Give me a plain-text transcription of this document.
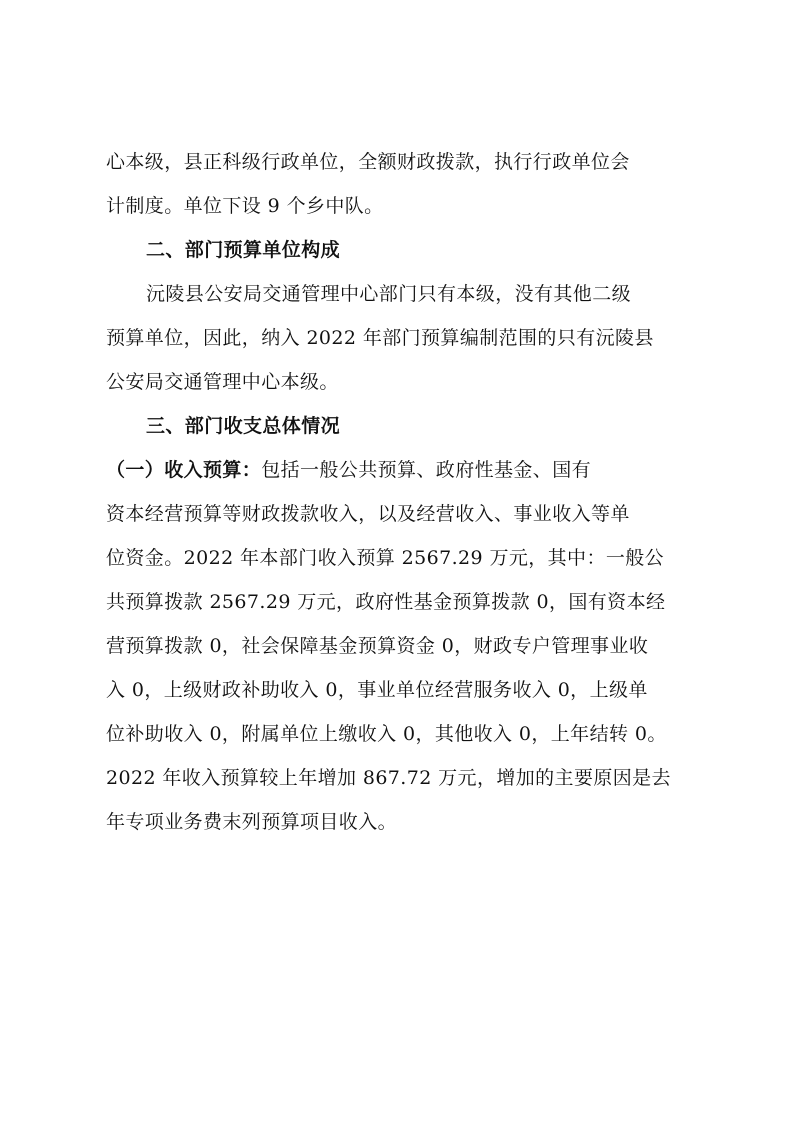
心本级，县正科级行政单位，全额财政拨款，执行行政单位会
计制度。单位下设 9 个乡中队。
二、部门预算单位构成
沅陵县公安局交通管理中心部门只有本级，没有其他二级
预算单位，因此，纳入 2022 年部门预算编制范围的只有沅陵县
公安局交通管理中心本级。
三、部门收支总体情况
（一）收入预算：包括一般公共预算、政府性基金、国有
资本经营预算等财政拨款收入，以及经营收入、事业收入等单
位资金。2022 年本部门收入预算 2567.29 万元，其中：一般公
共预算拨款 2567.29 万元，政府性基金预算拨款 0，国有资本经
营预算拨款 0，社会保障基金预算资金 0，财政专户管理事业收
入 0，上级财政补助收入 0，事业单位经营服务收入 0，上级单
位补助收入 0，附属单位上缴收入 0，其他收入 0，上年结转 0。
2022 年收入预算较上年增加 867.72 万元，增加的主要原因是去
年专项业务费末列预算项目收入。
